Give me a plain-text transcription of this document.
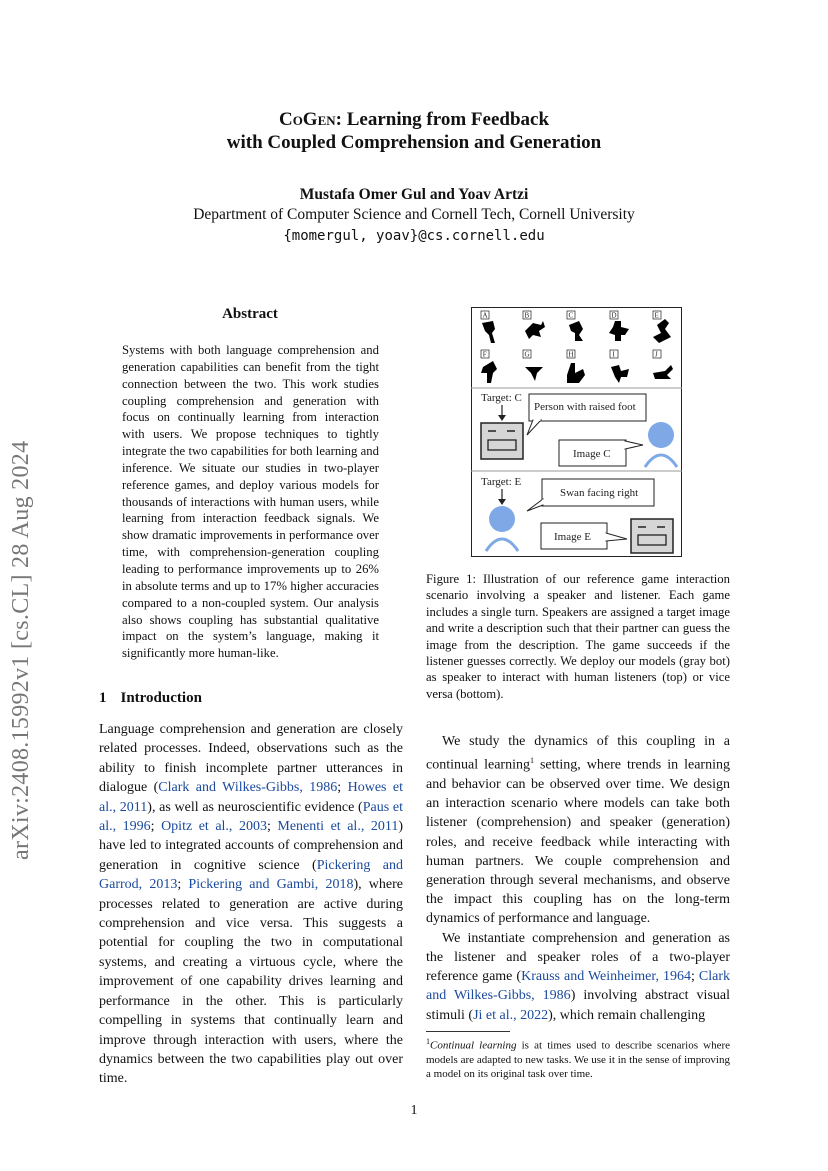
arXiv:2408.15992v1 [cs.CL] 28 Aug 2024
CoGen: Learning from Feedback
with Coupled Comprehension and Generation
Mustafa Omer Gul and Yoav Artzi
Department of Computer Science and Cornell Tech, Cornell University
{momergul, yoav}@cs.cornell.edu
Abstract
Systems with both language comprehension and generation capabilities can benefit from the tight connection between the two. This work studies coupling comprehension and generation with focus on continually learning from interaction with users. We propose techniques to tightly integrate the two capabilities for both learning and inference. We situate our studies in two-player reference games, and deploy various models for thousands of interactions with human users, while learning from interaction feedback signals. We show dramatic improvements in performance over time, with comprehension-generation coupling leading to performance improvements up to 26% in absolute terms and up to 17% higher accuracies compared to a non-coupled system. Our analysis also shows coupling has substantial qualitative impact on the system’s language, making it significantly more human-like.
1 Introduction

Language comprehension and generation are closely related processes. Indeed, observations such as the ability to finish incomplete partner utterances in dialogue (Clark and Wilkes-Gibbs, 1986; Howes et al., 2011), as well as neuroscientific evidence (Paus et al., 1996; Opitz et al., 2003; Menenti et al., 2011) have led to integrated accounts of comprehension and generation in cognitive science (Pickering and Garrod, 2013; Pickering and Gambi, 2018), where processes related to generation are active during comprehension and vice versa. This suggests a potential for coupling the two in computational systems, and creating a virtuous cycle, where the improvement of one capability drives learning and performance in the other. This is particularly compelling in systems that continually learn and improve through interaction with users, where the dynamics between the two capabilities play out over time.

A	B	C	D	E
F	G	H	I	J
Target: C
Person with raised foot
Image C
Target: E
Swan facing right
Image E
Figure 1: Illustration of our reference game interaction scenario involving a speaker and listener. Each game includes a single turn. Speakers are assigned a target image and write a description such that their partner can guess the image from the description. The game succeeds if the listener guesses correctly. We deploy our models (gray bot) as speaker to interact with human listeners (top) or vice versa (bottom).

We study the dynamics of this coupling in a continual learning$^1$ setting, where trends in learning and behavior can be observed over time. We design an interaction scenario where models can take both listener (comprehension) and speaker (generation) roles, and receive feedback while interacting with human partners. We couple comprehension and generation through several mechanisms, and observe the impact this coupling has on the long-term dynamics of performance and language.

We instantiate comprehension and generation as the listener and speaker roles of a two-player reference game (Krauss and Weinheimer, 1964; Clark and Wilkes-Gibbs, 1986) involving abstract visual stimuli (Ji et al., 2022), which remain challenging

$^1$Continual learning is at times used to describe scenarios where models are adapted to new tasks. We use it in the sense of improving a model on its original task over time.
1
